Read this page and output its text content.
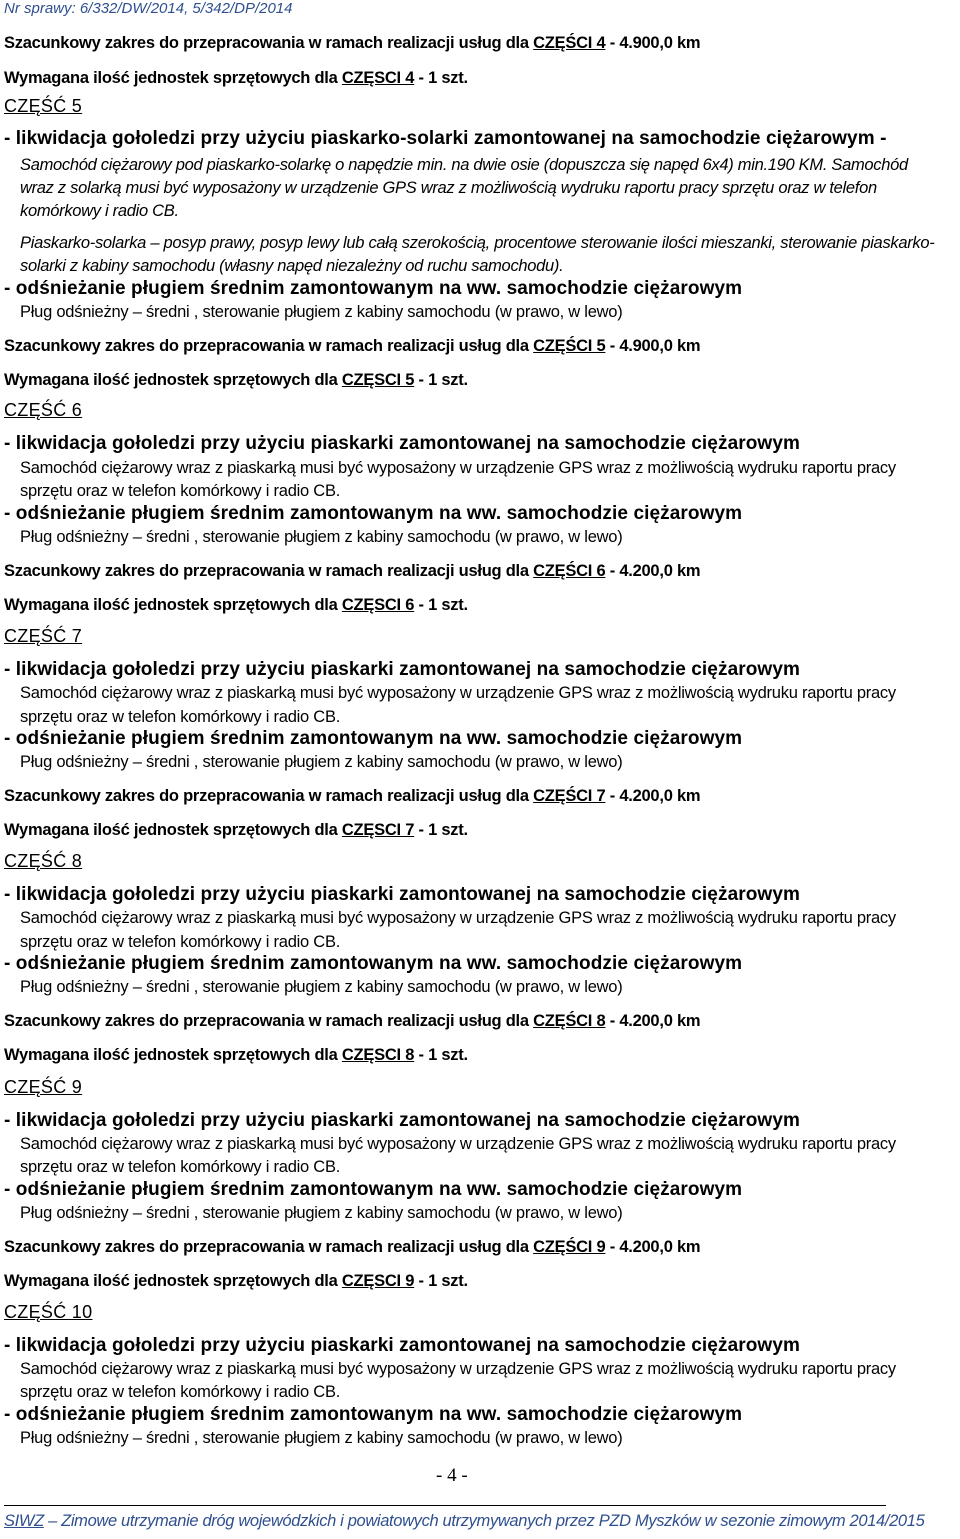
Nr sprawy: 6/332/DW/2014, 5/342/DP/2014
Szacunkowy zakres do przepracowania w ramach realizacji usług dla CZĘŚCI 4 - 4.900,0 km
Wymagana ilość jednostek sprzętowych dla CZĘSCI 4 - 1 szt.
CZĘŚĆ 5
- likwidacja gołoledzi przy użyciu piaskarko-solarki zamontowanej na samochodzie ciężarowym -
Samochód ciężarowy pod piaskarko-solarkę o napędzie min. na dwie osie (dopuszcza się napęd 6x4) min.190 KM. Samochód
wraz z solarką musi być wyposażony w urządzenie GPS wraz z możliwością wydruku raportu pracy sprzętu oraz w telefon
komórkowy i radio CB.
Piaskarko-solarka – posyp prawy, posyp lewy lub całą szerokością, procentowe sterowanie ilości mieszanki, sterowanie piaskarko-
solarki z kabiny samochodu (własny napęd niezależny od ruchu samochodu).
- odśnieżanie pługiem średnim zamontowanym na ww. samochodzie ciężarowym
Pług odśnieżny – średni , sterowanie pługiem z kabiny samochodu (w prawo, w lewo)
Szacunkowy zakres do przepracowania w ramach realizacji usług dla CZĘŚCI 5 - 4.900,0 km
Wymagana ilość jednostek sprzętowych dla CZĘSCI 5 - 1 szt.
CZĘŚĆ 6
- likwidacja gołoledzi przy użyciu piaskarki zamontowanej na samochodzie ciężarowym
Samochód ciężarowy wraz z piaskarką musi być wyposażony w urządzenie GPS wraz z możliwością wydruku raportu pracy
sprzętu oraz w telefon komórkowy i radio CB.
- odśnieżanie pługiem średnim zamontowanym na ww. samochodzie ciężarowym
Pług odśnieżny – średni , sterowanie pługiem z kabiny samochodu (w prawo, w lewo)
Szacunkowy zakres do przepracowania w ramach realizacji usług dla CZĘŚCI 6 - 4.200,0 km
Wymagana ilość jednostek sprzętowych dla CZĘSCI 6 - 1 szt.
CZĘŚĆ 7
- likwidacja gołoledzi przy użyciu piaskarki zamontowanej na samochodzie ciężarowym
Samochód ciężarowy wraz z piaskarką musi być wyposażony w urządzenie GPS wraz z możliwością wydruku raportu pracy
sprzętu oraz w telefon komórkowy i radio CB.
- odśnieżanie pługiem średnim zamontowanym na ww. samochodzie ciężarowym
Pług odśnieżny – średni , sterowanie pługiem z kabiny samochodu (w prawo, w lewo)
Szacunkowy zakres do przepracowania w ramach realizacji usług dla CZĘŚCI 7 - 4.200,0 km
Wymagana ilość jednostek sprzętowych dla CZĘSCI 7 - 1 szt.
CZĘŚĆ 8
- likwidacja gołoledzi przy użyciu piaskarki zamontowanej na samochodzie ciężarowym
Samochód ciężarowy wraz z piaskarką musi być wyposażony w urządzenie GPS wraz z możliwością wydruku raportu pracy
sprzętu oraz w telefon komórkowy i radio CB.
- odśnieżanie pługiem średnim zamontowanym na ww. samochodzie ciężarowym
Pług odśnieżny – średni , sterowanie pługiem z kabiny samochodu (w prawo, w lewo)
Szacunkowy zakres do przepracowania w ramach realizacji usług dla CZĘŚCI 8 - 4.200,0 km
Wymagana ilość jednostek sprzętowych dla CZĘSCI 8 - 1 szt.
CZĘŚĆ 9
- likwidacja gołoledzi przy użyciu piaskarki zamontowanej na samochodzie ciężarowym
Samochód ciężarowy wraz z piaskarką musi być wyposażony w urządzenie GPS wraz z możliwością wydruku raportu pracy
sprzętu oraz w telefon komórkowy i radio CB.
- odśnieżanie pługiem średnim zamontowanym na ww. samochodzie ciężarowym
Pług odśnieżny – średni , sterowanie pługiem z kabiny samochodu (w prawo, w lewo)
Szacunkowy zakres do przepracowania w ramach realizacji usług dla CZĘŚCI 9 - 4.200,0 km
Wymagana ilość jednostek sprzętowych dla CZĘSCI 9 - 1 szt.
CZĘŚĆ 10
- likwidacja gołoledzi przy użyciu piaskarki zamontowanej na samochodzie ciężarowym
Samochód ciężarowy wraz z piaskarką musi być wyposażony w urządzenie GPS wraz z możliwością wydruku raportu pracy
sprzętu oraz w telefon komórkowy i radio CB.
- odśnieżanie pługiem średnim zamontowanym na ww. samochodzie ciężarowym
Pług odśnieżny – średni , sterowanie pługiem z kabiny samochodu (w prawo, w lewo)
- 4 -
SIWZ – Zimowe utrzymanie dróg wojewódzkich i powiatowych utrzymywanych przez PZD Myszków w sezonie zimowym 2014/2015
